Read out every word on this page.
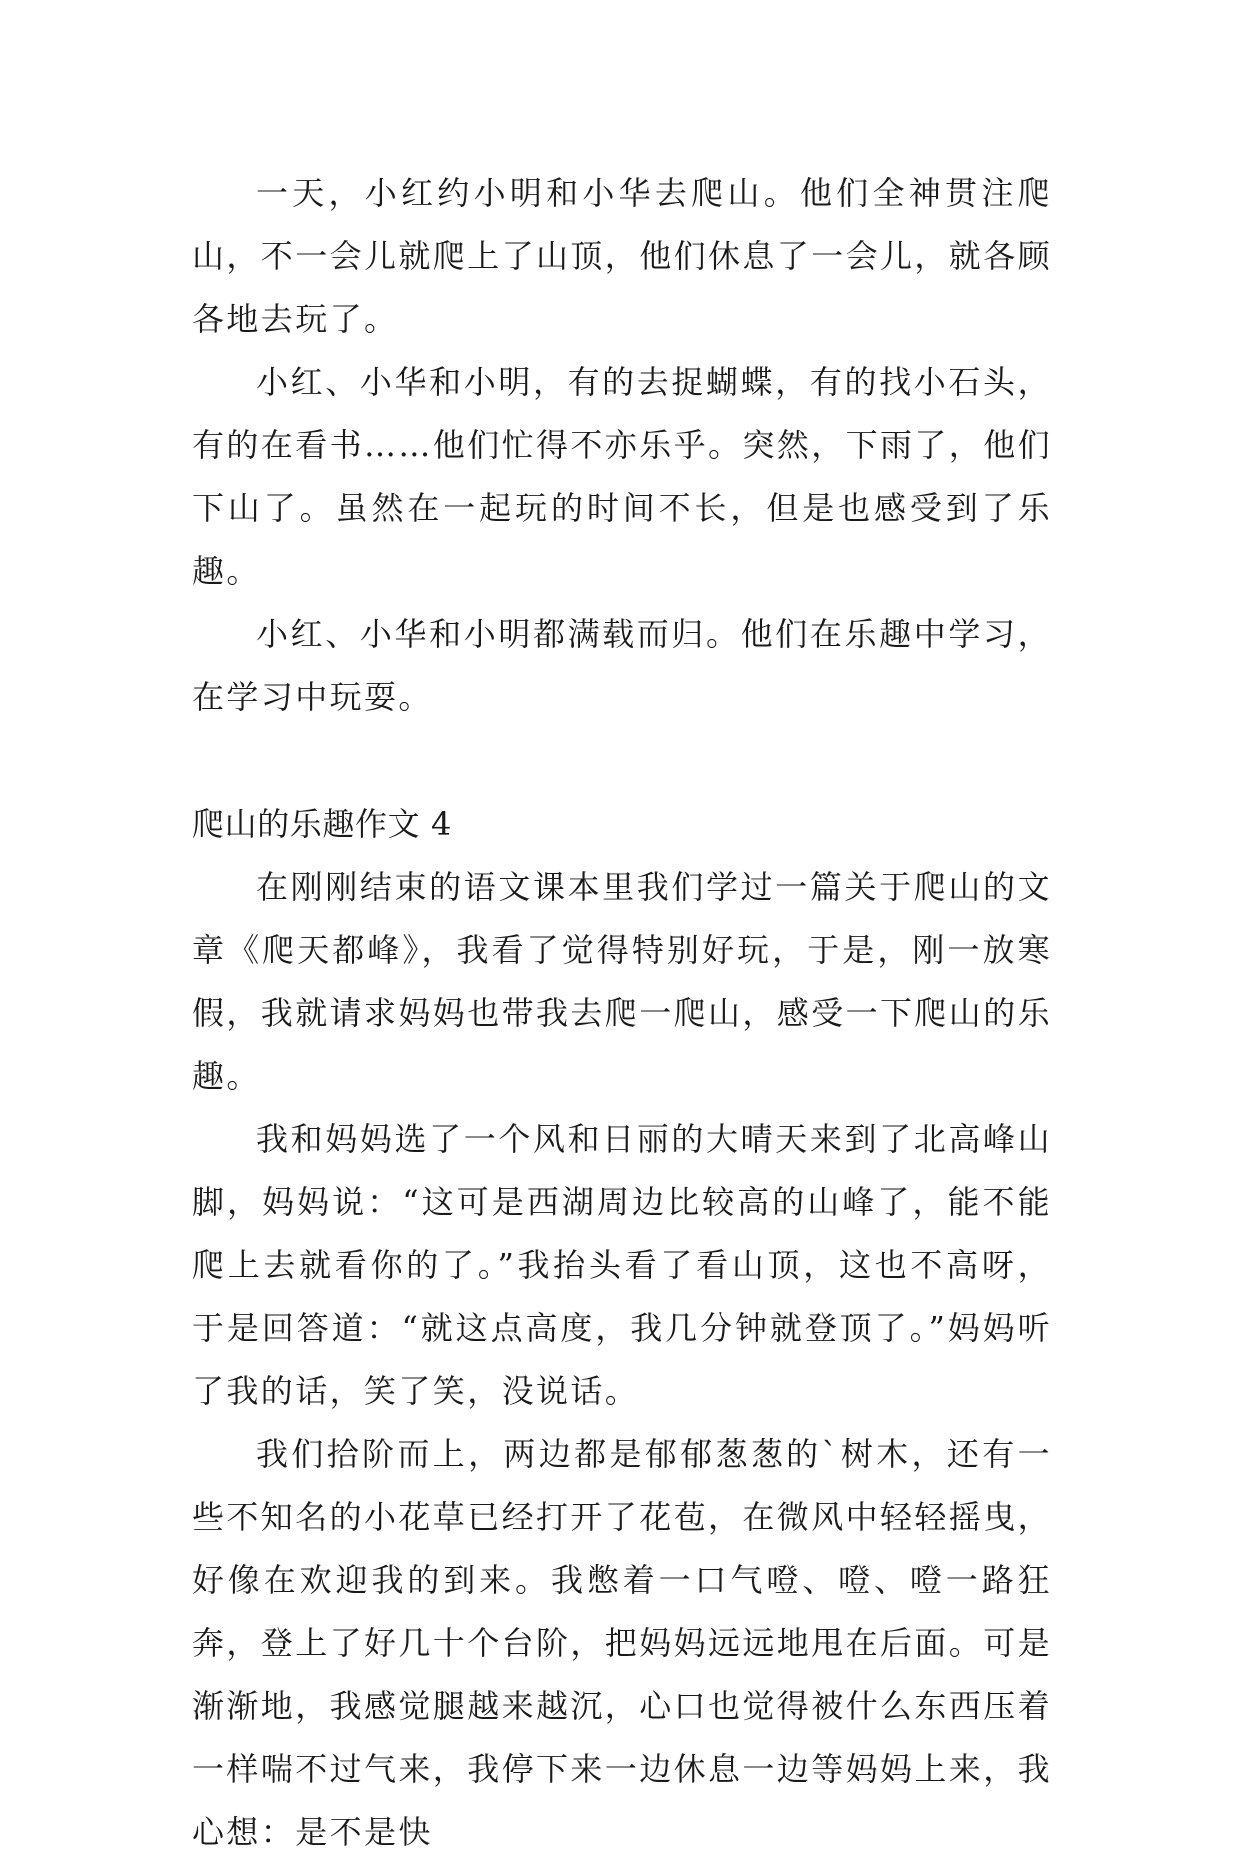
一天，小红约小明和小华去爬山。他们全神贯注爬山，不一会儿就爬上了山顶，他们休息了一会儿，就各顾各地去玩了。

小红、小华和小明，有的去捉蝴蝶，有的找小石头，有的在看书……他们忙得不亦乐乎。突然，下雨了，他们下山了。虽然在一起玩的时间不长，但是也感受到了乐趣。

小红、小华和小明都满载而归。他们在乐趣中学习，在学习中玩耍。

爬山的乐趣作文 4

在刚刚结束的语文课本里我们学过一篇关于爬山的文章《爬天都峰》，我看了觉得特别好玩，于是，刚一放寒假，我就请求妈妈也带我去爬一爬山，感受一下爬山的乐趣。

我和妈妈选了一个风和日丽的大晴天来到了北高峰山脚，妈妈说：“这可是西湖周边比较高的山峰了，能不能爬上去就看你的了。”我抬头看了看山顶，这也不高呀，于是回答道：“就这点高度，我几分钟就登顶了。”妈妈听了我的话，笑了笑，没说话。

我们拾阶而上，两边都是郁郁葱葱的`树木，还有一些不知名的小花草已经打开了花苞，在微风中轻轻摇曳，好像在欢迎我的到来。我憋着一口气噔、噔、噔一路狂奔，登上了好几十个台阶，把妈妈远远地甩在后面。可是渐渐地，我感觉腿越来越沉，心口也觉得被什么东西压着一样喘不过气来，我停下来一边休息一边等妈妈上来，我心想：是不是快
